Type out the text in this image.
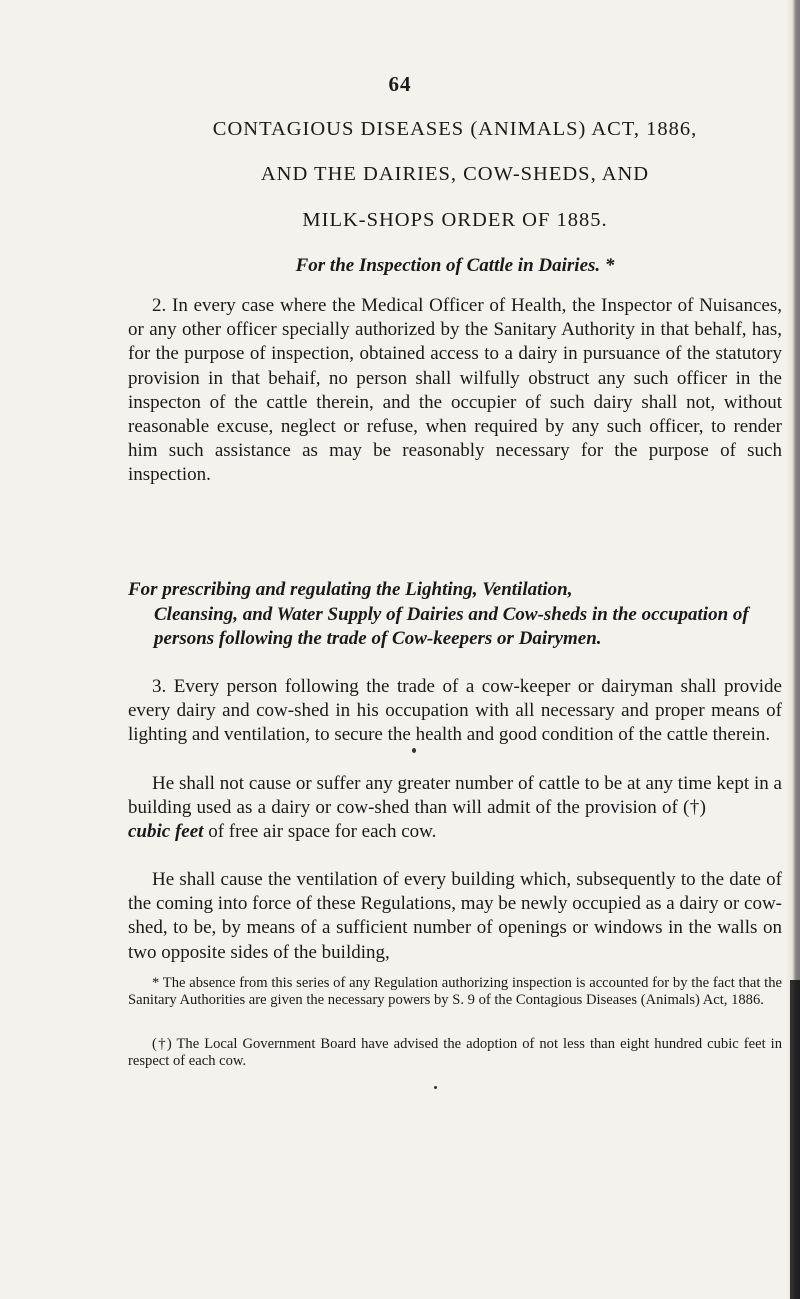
64
CONTAGIOUS DISEASES (ANIMALS) ACT, 1886,
AND THE DAIRIES, COW-SHEDS, AND
MILK-SHOPS ORDER OF 1885.
For the Inspection of Cattle in Dairies. *
2. In every case where the Medical Officer of Health, the Inspector of Nuisances, or any other officer specially authorized by the Sanitary Authority in that behalf, has, for the purpose of inspection, obtained access to a dairy in pursuance of the statutory provision in that behaif, no person shall wilfully obstruct any such officer in the inspecton of the cattle therein, and the occupier of such dairy shall not, without reasonable excuse, neglect or refuse, when required by any such officer, to render him such assistance as may be reasonably necessary for the purpose of such inspection.
For prescribing and regulating the Lighting, Ventilation,
Cleansing, and Water Supply of Dairies and Cow-sheds in the occupation of persons following the trade of Cow-keepers or Dairymen.
3. Every person following the trade of a cow-keeper or dairyman shall provide every dairy and cow-shed in his occupation with all necessary and proper means of lighting and ventilation, to secure the health and good condition of the cattle therein.
He shall not cause or suffer any greater number of cattle to be at any time kept in a building used as a dairy or cow-shed than will admit of the provision of (†)    cubic feet of free air space for each cow.
He shall cause the ventilation of every building which, subsequently to the date of the coming into force of these Regulations, may be newly occupied as a dairy or cow-shed, to be, by means of a sufficient number of openings or windows in the walls on two opposite sides of the building,
* The absence from this series of any Regulation authorizing inspection is accounted for by the fact that the Sanitary Authorities are given the necessary powers by S. 9 of the Contagious Diseases (Animals) Act, 1886.
(†) The Local Government Board have advised the adoption of not less than eight hundred cubic feet in respect of each cow.
